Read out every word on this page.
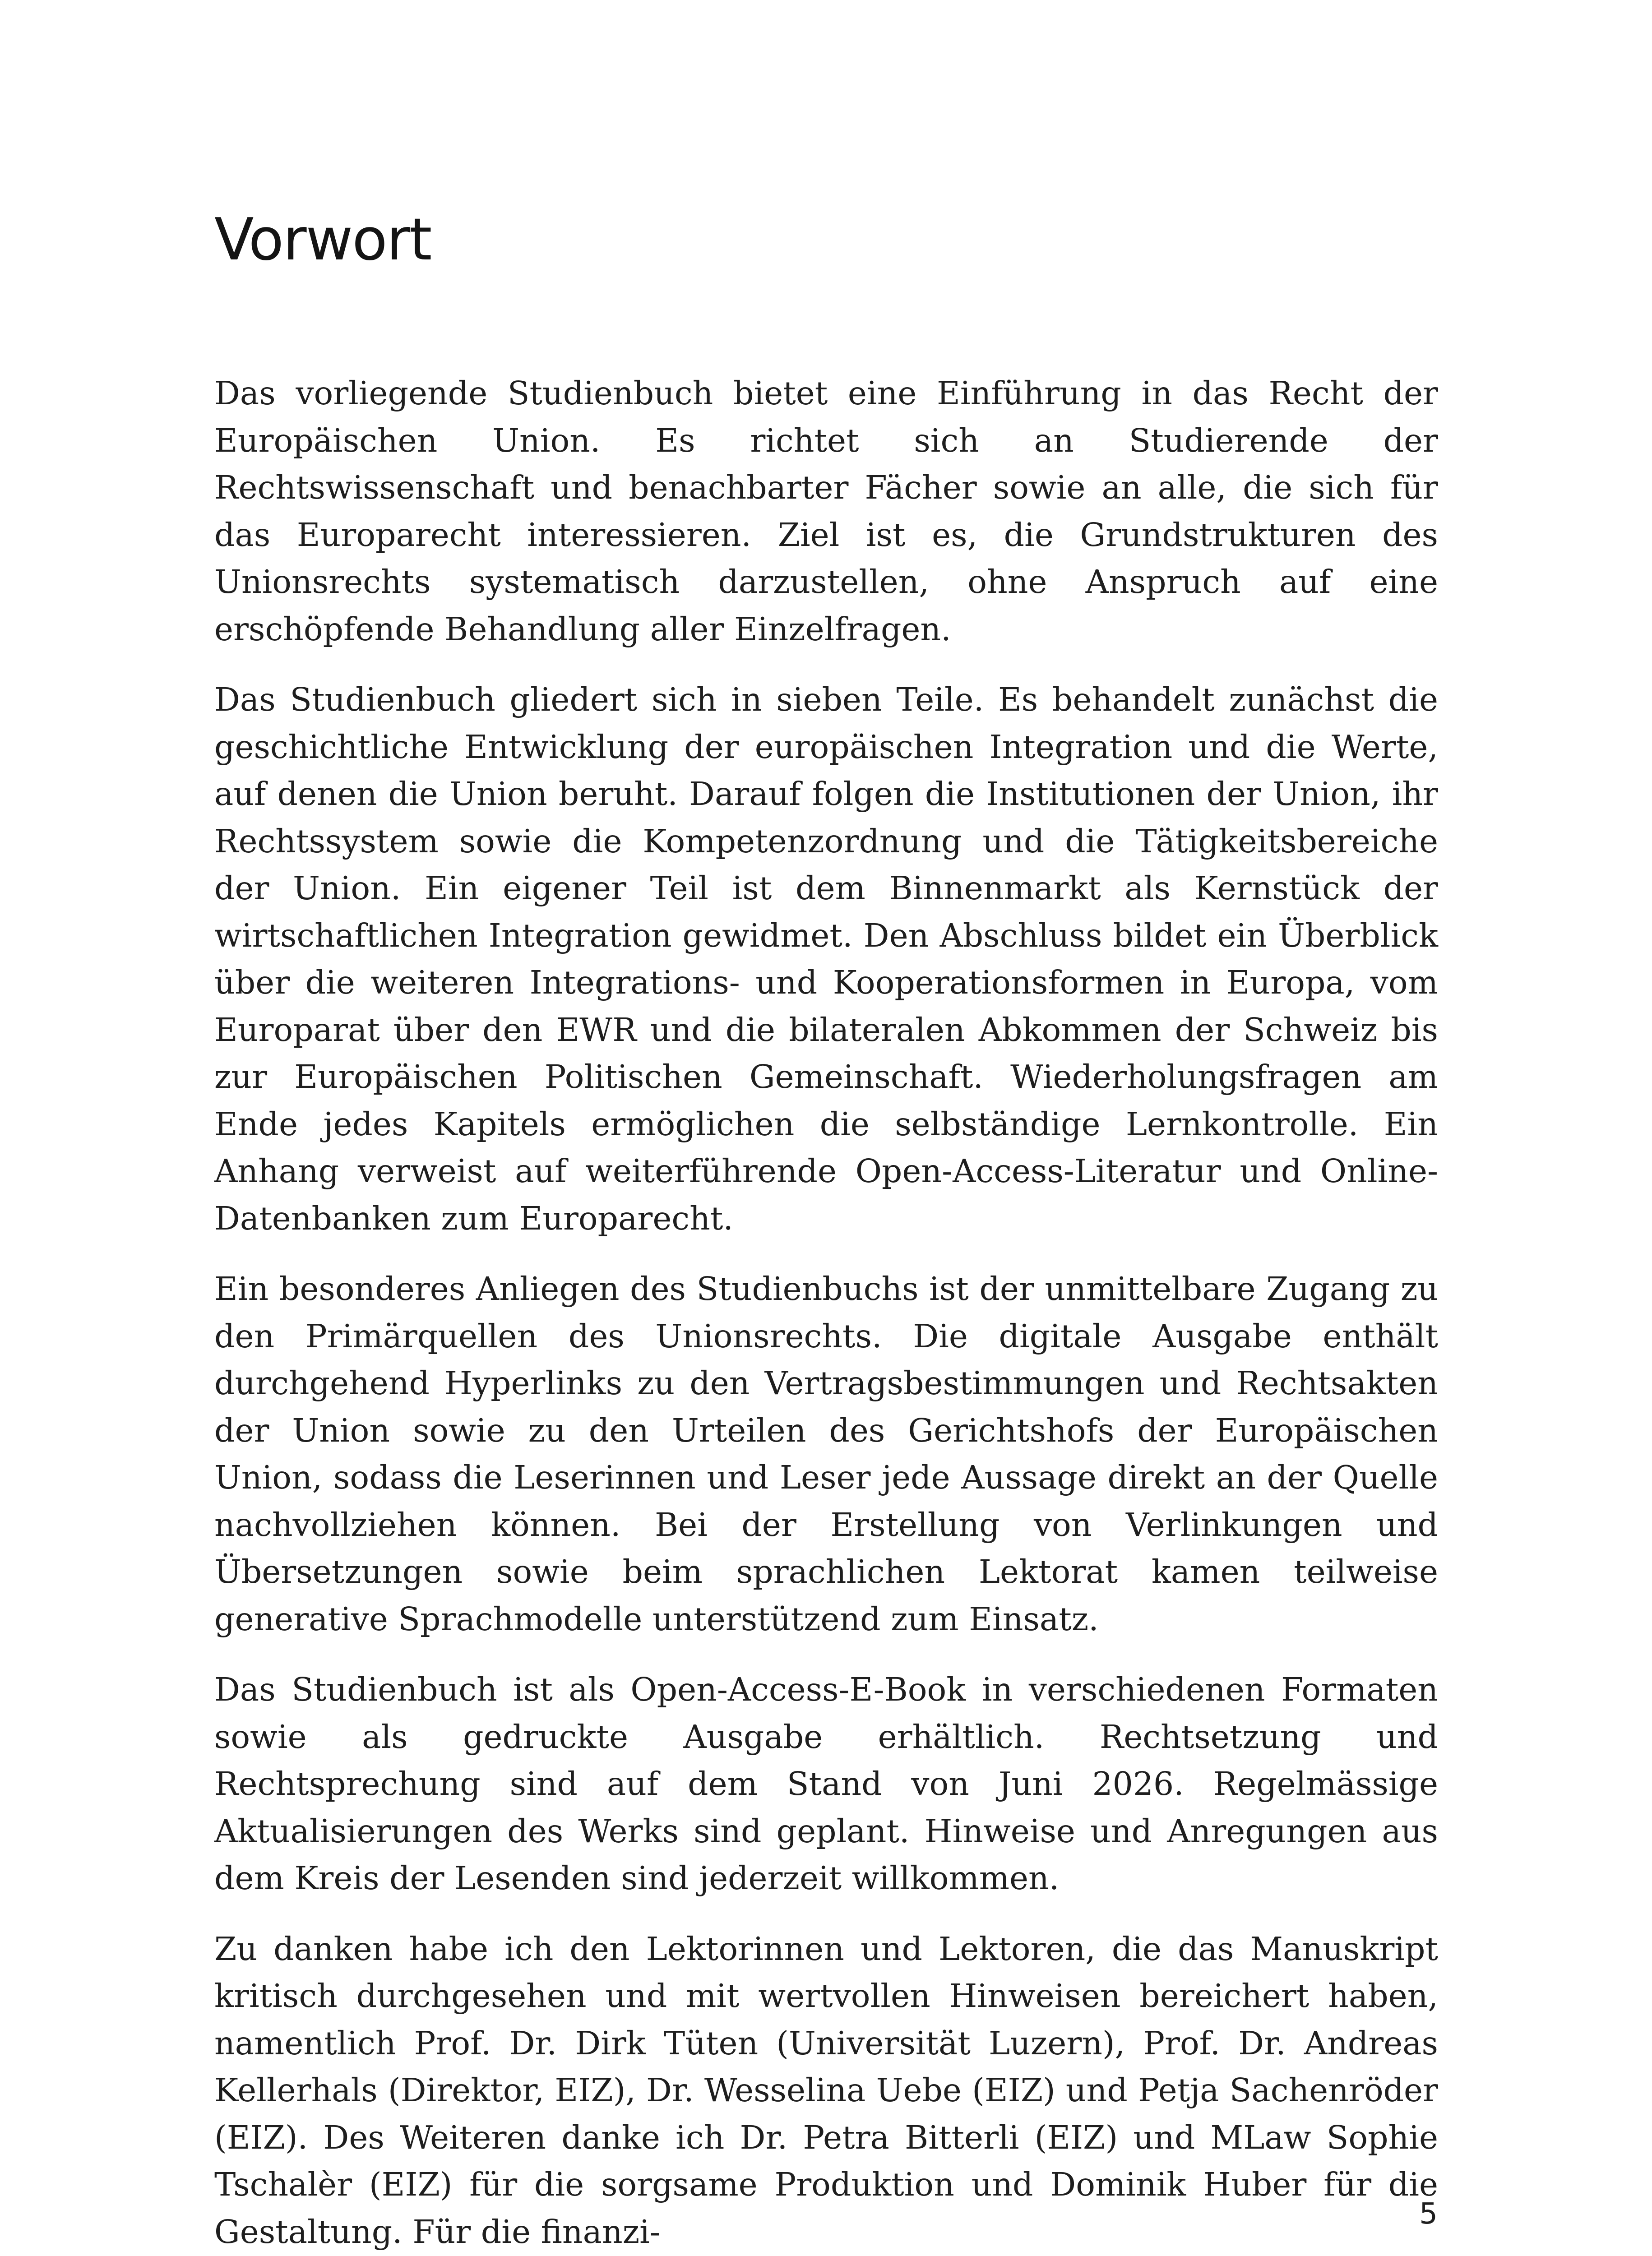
Vorwort

Das vorliegende Studienbuch bietet eine Einführung in das Recht der Europäischen Union. Es richtet sich an Studierende der Rechtswissenschaft und benachbarter Fächer sowie an alle, die sich für das Europarecht interessieren. Ziel ist es, die Grundstrukturen des Unionsrechts systematisch darzustellen, ohne Anspruch auf eine erschöpfende Behandlung aller Einzelfragen.

Das Studienbuch gliedert sich in sieben Teile. Es behandelt zunächst die geschichtliche Entwicklung der europäischen Integration und die Werte, auf denen die Union beruht. Darauf folgen die Institutionen der Union, ihr Rechtssystem sowie die Kompetenzordnung und die Tätigkeitsbereiche der Union. Ein eigener Teil ist dem Binnenmarkt als Kernstück der wirtschaftlichen Integration gewidmet. Den Abschluss bildet ein Überblick über die weiteren Integrations- und Kooperationsformen in Europa, vom Europarat über den EWR und die bilateralen Abkommen der Schweiz bis zur Europäischen Politischen Gemeinschaft. Wiederholungsfragen am Ende jedes Kapitels ermöglichen die selbständige Lernkontrolle. Ein Anhang verweist auf weiterführende Open-Access-Literatur und Online-Datenbanken zum Europarecht.

Ein besonderes Anliegen des Studienbuchs ist der unmittelbare Zugang zu den Primärquellen des Unionsrechts. Die digitale Ausgabe enthält durchgehend Hyperlinks zu den Vertragsbestimmungen und Rechtsakten der Union sowie zu den Urteilen des Gerichtshofs der Europäischen Union, sodass die Leserinnen und Leser jede Aussage direkt an der Quelle nachvollziehen können. Bei der Erstellung von Verlinkungen und Übersetzungen sowie beim sprachlichen Lektorat kamen teilweise generative Sprachmodelle unterstützend zum Einsatz.

Das Studienbuch ist als Open-Access-E-Book in verschiedenen Formaten sowie als gedruckte Ausgabe erhältlich. Rechtsetzung und Rechtsprechung sind auf dem Stand von Juni 2026. Regelmässige Aktualisierungen des Werks sind geplant. Hinweise und Anregungen aus dem Kreis der Lesenden sind jederzeit willkommen.

Zu danken habe ich den Lektorinnen und Lektoren, die das Manuskript kritisch durchgesehen und mit wertvollen Hinweisen bereichert haben, namentlich Prof. Dr. Dirk Tüten (Universität Luzern), Prof. Dr. Andreas Kellerhals (Direktor, EIZ), Dr. Wesselina Uebe (EIZ) und Petja Sachenröder (EIZ). Des Weiteren danke ich Dr. Petra Bitterli (EIZ) und MLaw Sophie Tschalèr (EIZ) für die sorgsame Produktion und Dominik Huber für die Gestaltung. Für die finanzi-	5
